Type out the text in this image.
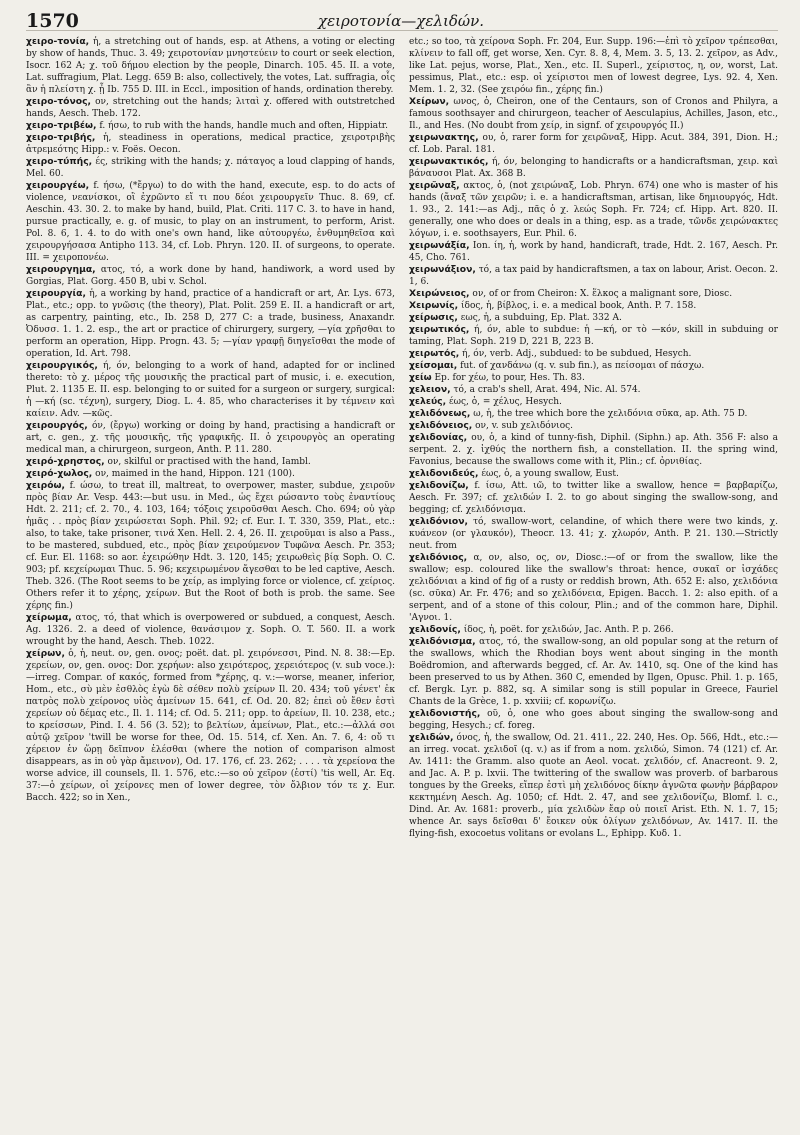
1570	χειροτονία—χελιδών.

χειρο-τονία, ἡ, a stretching out of hands, esp. at Athens, a voting or electing by show of hands, Thuc. 3. 49; χειροτονίαν μνηστεύειν to court or seek election, Isocr. 162 A; χ. τοῦ δήμου election by the people, Dinarch. 105. 45. II. a vote, Lat. suffragium, Plat. Legg. 659 B: also, collectively, the votes, Lat. suffragia, οἷς ἂν ἡ πλείστη χ. ᾖ Ib. 755 D. III. in Eccl., imposition of hands, ordination thereby.

χειρο-τόνος, ον, stretching out the hands; λιταὶ χ. offered with outstretched hands, Aesch. Theb. 172.

χειρο-τριβέω, f. ήσω, to rub with the hands, handle much and often, Hippiatr.

χειρο-τριβής, ἡ, steadiness in operations, medical practice, χειροτριβὴς ἀτρεμεότης Hipp.: v. Foës. Oecon.

χειρο-τύπής, ές, striking with the hands; χ. πάταγος a loud clapping of hands, Mel. 60.

χειρουργέω, f. ήσω, (*ἔργω) to do with the hand, execute, esp. to do acts of violence, νεανίσκοι, οἳ ἐχρῶντο εἴ τι που δέοι χειρουργεῖν Thuc. 8. 69, cf. Aeschin. 43. 30. 2. to make by hand, build, Plat. Criti. 117 C. 3. to have in hand, pursue practically, e. g. of music, to play on an instrument, to perform, Arist. Pol. 8. 6, 1. 4. to do with one's own hand, like αὐτουργέω, ἐνθυμηθεῖσα καὶ χειρουργήσασα Antipho 113. 34, cf. Lob. Phryn. 120. II. of surgeons, to operate. III. = χειροπονέω.

χειρουργημα, ατος, τό, a work done by hand, handiwork, a word used by Gorgias, Plat. Gorg. 450 B, ubi v. Schol.

χειρουργία, ἡ, a working by hand, practice of a handicraft or art, Ar. Lys. 673, Plat., etc.; opp. to γνῶσις (the theory), Plat. Polit. 259 E. II. a handicraft or art, as carpentry, painting, etc., Ib. 258 D, 277 C: a trade, business, Anaxandr. Ὀδυσσ. 1. 1. 2. esp., the art or practice of chirurgery, surgery, —γία χρῆσθαι to perform an operation, Hipp. Progn. 43. 5; —γίαν γραφῇ διηγεῖσθαι the mode of operation, Id. Art. 798.

χειρουργικός, ή, όν, belonging to a work of hand, adapted for or inclined thereto: τὸ χ. μέρος τῆς μουσικῆς the practical part of music, i. e. execution, Plut. 2. 1135 E. II. esp. belonging to or suited for a surgeon or surgery, surgical: ἡ —κή (sc. τέχνη), surgery, Diog. L. 4. 85, who characterises it by τέμνειν καὶ καίειν. Adv. —κῶς.

χειρουργός, όν, (ἔργω) working or doing by hand, practising a handicraft or art, c. gen., χ. τῆς μουσικῆς, τῆς γραφικῆς. II. ὁ χειρουργὸς an operating medical man, a chirurgeon, surgeon, Anth. P. 11. 280.

χειρό-χρηστος, ον, skilful or practised with the hand, Iambl.

χειρό-χωλος, ον, maimed in the hand, Hippon. 121 (100).

χειρόω, f. ώσω, to treat ill, maltreat, to overpower, master, subdue, χειροῦν πρὸς βίαν Ar. Vesp. 443:—but usu. in Med., ὡς ἔχει ρώσαντο τοὺς ἐναντίους Hdt. 2. 211; cf. 2. 70., 4. 103, 164; τόξοις χειροῦσθαι Aesch. Cho. 694; οὐ γὰρ ἡμᾶς . . πρὸς βίαν χειρώσεται Soph. Phil. 92; cf. Eur. I. T. 330, 359, Plat., etc.: also, to take, take prisoner, τινά Xen. Hell. 2. 4, 26. II. χειροῦμαι is also a Pass., to be mastered, subdued, etc., πρὸς βίαν χειρούμενον Τυφῶνα Aesch. Pr. 353; cf. Eur. El. 1168: so aor. ἐχειρώθην Hdt. 3. 120, 145; χειρωθεὶς βίᾳ Soph. O. C. 903; pf. κεχείρωμαι Thuc. 5. 96; κεχειρωμένον ἄγεσθαι to be led captive, Aesch. Theb. 326. (The Root seems to be χείρ, as implying force or violence, cf. χείριος. Others refer it to χέρης, χείρων. But the Root of both is prob. the same. See χέρης fin.)

χείρωμα, ατος, τό, that which is overpowered or subdued, a conquest, Aesch. Ag. 1326. 2. a deed of violence, θανάσιμον χ. Soph. O. T. 560. II. a work wrought by the hand, Aesch. Theb. 1022.

χείρων, ὁ, ἡ, neut. ον, gen. ονος; poët. dat. pl. χειρόνεσσι, Pind. N. 8. 38:—Ep. χερείων, ον, gen. ονος: Dor. χερήων: also χειρότερος, χερειότερος (v. sub voce.):—irreg. Compar. of κακός, formed from *χέρης, q. v.:—worse, meaner, inferior, Hom., etc., σὺ μὲν ἐσθλὸς ἐγὼ δὲ σέθεν πολὺ χείρων Il. 20. 434; τοῦ γένετ' ἐκ πατρὸς πολὺ χείρονος υἱὸς ἀμείνων 15. 641, cf. Od. 20. 82; ἐπεὶ οὐ ἔθεν ἐστὶ χερείων οὐ δέμας etc., Il. 1. 114; cf. Od. 5. 211; opp. to ἀρείων, Il. 10. 238, etc.; to κρείσσων, Pind. I. 4. 56 (3. 52); to βελτίων, ἀμείνων, Plat., etc.:—ἀλλά σοι αὐτῷ χεῖρον 'twill be worse for thee, Od. 15. 514, cf. Xen. An. 7. 6, 4: οὔ τι χέρειον ἐν ὥρῃ δεῖπνον ἑλέσθαι (where the notion of comparison almost disappears, as in οὐ γὰρ ἄμεινον), Od. 17. 176, cf. 23. 262; . . . . τὰ χερείονα the worse advice, ill counsels, Il. 1. 576, etc.:—so οὐ χεῖρον (ἐστί) 'tis well, Ar. Eq. 37:—ὁ χείρων, οἱ χείρονες men of lower degree, τὸν ὄλβιον τόν τε χ. Eur. Bacch. 422; so in Xen.,

etc.; so too, τὰ χείρονα Soph. Fr. 204, Eur. Supp. 196:—ἐπὶ τὸ χεῖρον τρέπεσθαι, κλίνειν to fall off, get worse, Xen. Cyr. 8. 8, 4, Mem. 3. 5, 13. 2. χεῖρον, as Adv., like Lat. pejus, worse, Plat., Xen., etc. II. Superl., χείριστος, η, ον, worst, Lat. pessimus, Plat., etc.: esp. οἱ χείριστοι men of lowest degree, Lys. 92. 4, Xen. Mem. 1. 2, 32. (See χειρόω fin., χέρης fin.)

Χείρων, ωνος, ὁ, Cheiron, one of the Centaurs, son of Cronos and Philyra, a famous soothsayer and chirurgeon, teacher of Aesculapius, Achilles, Jason, etc., Il., and Hes. (No doubt from χείρ, in signf. of χειρουργός II.)

χειρωνακτης, ου, ὁ, rarer form for χειρῶναξ, Hipp. Acut. 384, 391, Dion. H.; cf. Lob. Paral. 181.

χειρωνακτικός, ή, όν, belonging to handicrafts or a handicraftsman, χειρ. καὶ βάναυσοι Plat. Ax. 368 B.

χειρῶναξ, ακτος, ὁ, (not χειρώναξ, Lob. Phryn. 674) one who is master of his hands (ἄναξ τῶν χειρῶν; i. e. a handicraftsman, artisan, like δημιουργός, Hdt. 1. 93., 2. 141:—as Adj., πᾶς ὁ χ. λεώς Soph. Fr. 724; cf. Hipp. Art. 820. II. generally, one who does or deals in a thing, esp. as a trade, τῶνδε χειρώνακτες λόγων, i. e. soothsayers, Eur. Phil. 6.

χειρωνάξία, Ion. ίη, ἡ, work by hand, handicraft, trade, Hdt. 2. 167, Aesch. Pr. 45, Cho. 761.

χειρωνάξιον, τό, a tax paid by handicraftsmen, a tax on labour, Arist. Oecon. 2. 1, 6.

Χειρώνειος, ον, of or from Cheiron: Χ. ἕλκος a malignant sore, Diosc.

Χειρωνίς, ίδος, ἡ, βίβλος, i. e. a medical book, Anth. P. 7. 158.

χείρωσις, εως, ἡ, a subduing, Ep. Plat. 332 A.

χειρωτικός, ή, όν, able to subdue: ἡ —κή, or τὸ —κόν, skill in subduing or taming, Plat. Soph. 219 D, 221 B, 223 B.

χειρωτός, ή, όν, verb. Adj., subdued: to be subdued, Hesych.

χείσομαι, fut. of χανδάνω (q. v. sub fin.), as πείσομαι of πάσχω.

χείω Ep. for χέω, to pour, Hes. Th. 83.

χελειον, τό, a crab's shell, Arat. 494, Nic. Al. 574.

χελεύς, έως, ὁ, = χέλυς, Hesych.

χελιδόνεως, ω, ἡ, the tree which bore the χελιδόνια σῦκα, ap. Ath. 75 D.

χελιδόνειος, ον, v. sub χελιδόνιος.

χελιδονίας, ου, ὁ, a kind of tunny-fish, Diphil. (Siphn.) ap. Ath. 356 F: also a serpent. 2. χ. ἰχθύς the northern fish, a constellation. II. the spring wind, Favonius, because the swallows come with it, Plin.; cf. ὀρνιθίας.

χελιδονιδεύς, έως, ὁ, a young swallow, Eust.

χελιδονίζω, f. ίσω, Att. ιῶ, to twitter like a swallow, hence = βαρβαρίζω, Aesch. Fr. 397; cf. χελιδών I. 2. to go about singing the swallow-song, and begging; cf. χελιδόνισμα.

χελιδόνιον, τό, swallow-wort, celandine, of which there were two kinds, χ. κυάνεον (or γλαυκόν), Theocr. 13. 41; χ. χλωρόν, Anth. P. 21. 130.—Strictly neut. from

χελιδόνιος, α, ον, also, ος, ον, Diosc.:—of or from the swallow, like the swallow; esp. coloured like the swallow's throat: hence, συκαῖ or ἰσχάδες χελιδόνιαι a kind of fig of a rusty or reddish brown, Ath. 652 E: also, χελιδόνια (sc. σῦκα) Ar. Fr. 476; and so χελιδόνεια, Epigen. Bacch. 1. 2: also epith. of a serpent, and of a stone of this colour, Plin.; and of the common hare, Diphil. 'Αγνοι. 1.

χελιδονίς, ίδος, ἡ, poët. for χελιδών, Jac. Anth. P. p. 266.

χελιδόνισμα, ατος, τό, the swallow-song, an old popular song at the return of the swallows, which the Rhodian boys went about singing in the month Boëdromion, and afterwards begged, cf. Ar. Av. 1410, sq. One of the kind has been preserved to us by Athen. 360 C, emended by Ilgen, Opusc. Phil. 1. p. 165, cf. Bergk. Lyr. p. 882, sq. A similar song is still popular in Greece, Fauriel Chants de la Grèce, 1. p. xxviii; cf. κορωνίζω.

χελιδονιστής, οῦ, ὁ, one who goes about singing the swallow-song and begging, Hesych.; cf. foreg.

χελιδών, όνος, ἡ, the swallow, Od. 21. 411., 22. 240, Hes. Op. 566, Hdt., etc.:—an irreg. vocat. χελιδοῖ (q. v.) as if from a nom. χελιδώ, Simon. 74 (121) cf. Ar. Av. 1411: the Gramm. also quote an Aeol. vocat. χελιδόν, cf. Anacreont. 9. 2, and Jac. A. P. p. lxvii. The twittering of the swallow was proverb. of barbarous tongues by the Greeks, εἴπερ ἐστὶ μὴ χελιδόνος δίκην ἀγνῶτα φωνὴν βάρβαρον κεκτημένη Aesch. Ag. 1050; cf. Hdt. 2. 47, and see χελιδονίζω, Blomf. l. c., Dind. Ar. Av. 1681: proverb., μία χελιδὼν ἔαρ οὐ ποιεῖ Arist. Eth. N. 1. 7, 15; whence Ar. says δεῖσθαι δ' ἔοικεν οὐκ ὀλίγων χελιδόνων, Av. 1417. II. the flying-fish, exocoetus volitans or evolans L., Ephipp. Κυδ. 1.
